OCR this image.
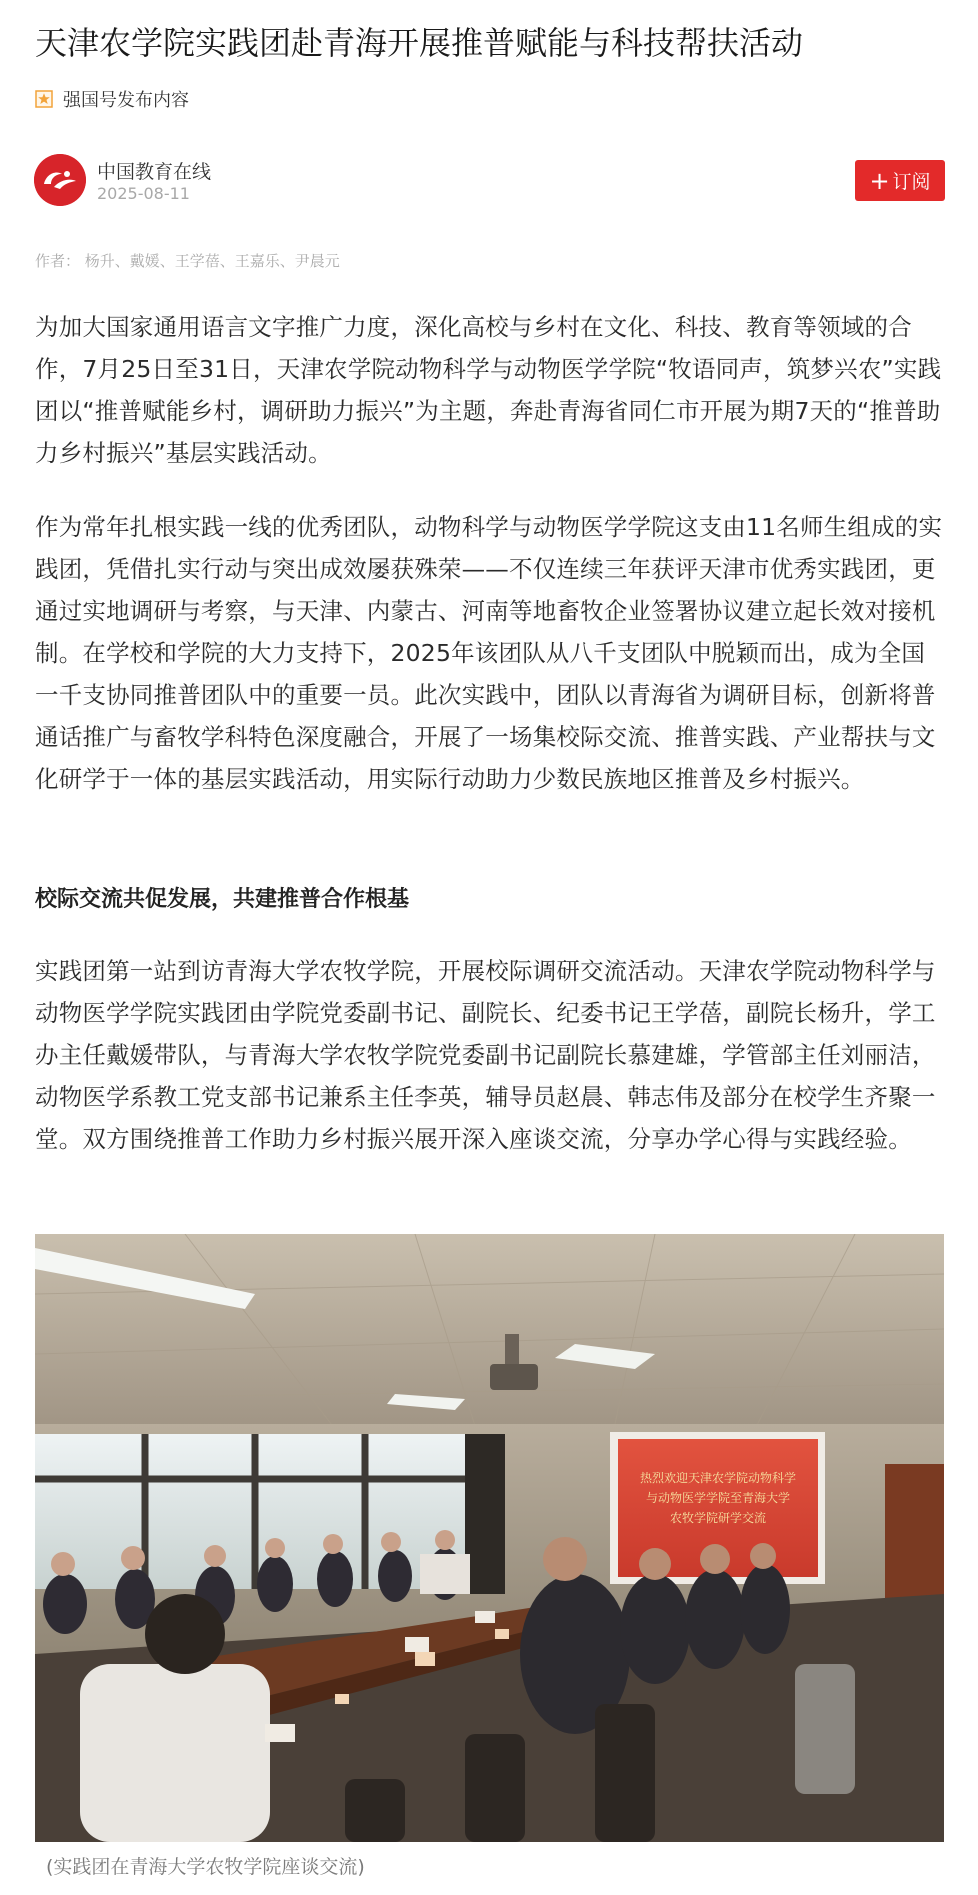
天津农学院实践团赴青海开展推普赋能与科技帮扶活动
强国号发布内容
中国教育在线
2025-08-11	+ 订阅
作者： 杨升、戴媛、王学蓓、王嘉乐、尹晨元

为加大国家通用语言文字推广力度，深化高校与乡村在文化、科技、教育等领域的合作，7月25日至31日，天津农学院动物科学与动物医学学院“牧语同声，筑梦兴农”实践团以“推普赋能乡村，调研助力振兴”为主题，奔赴青海省同仁市开展为期7天的“推普助力乡村振兴”基层实践活动。

作为常年扎根实践一线的优秀团队，动物科学与动物医学学院这支由11名师生组成的实践团，凭借扎实行动与突出成效屡获殊荣——不仅连续三年获评天津市优秀实践团，更通过实地调研与考察，与天津、内蒙古、河南等地畜牧企业签署协议建立起长效对接机制。在学校和学院的大力支持下，2025年该团队从八千支团队中脱颖而出，成为全国一千支协同推普团队中的重要一员。此次实践中，团队以青海省为调研目标，创新将普通话推广与畜牧学科特色深度融合，开展了一场集校际交流、推普实践、产业帮扶与文化研学于一体的基层实践活动，用实际行动助力少数民族地区推普及乡村振兴。

校际交流共促发展，共建推普合作根基

实践团第一站到访青海大学农牧学院，开展校际调研交流活动。天津农学院动物科学与动物医学学院实践团由学院党委副书记、副院长、纪委书记王学蓓，副院长杨升，学工办主任戴媛带队，与青海大学农牧学院党委副书记副院长慕建雄，学管部主任刘丽洁，动物医学系教工党支部书记兼系主任李英，辅导员赵晨、韩志伟及部分在校学生齐聚一堂。双方围绕推普工作助力乡村振兴展开深入座谈交流，分享办学心得与实践经验。

热烈欢迎天津农学院动物科学
与动物医学学院至青海大学
农牧学院研学交流
(实践团在青海大学农牧学院座谈交流)
